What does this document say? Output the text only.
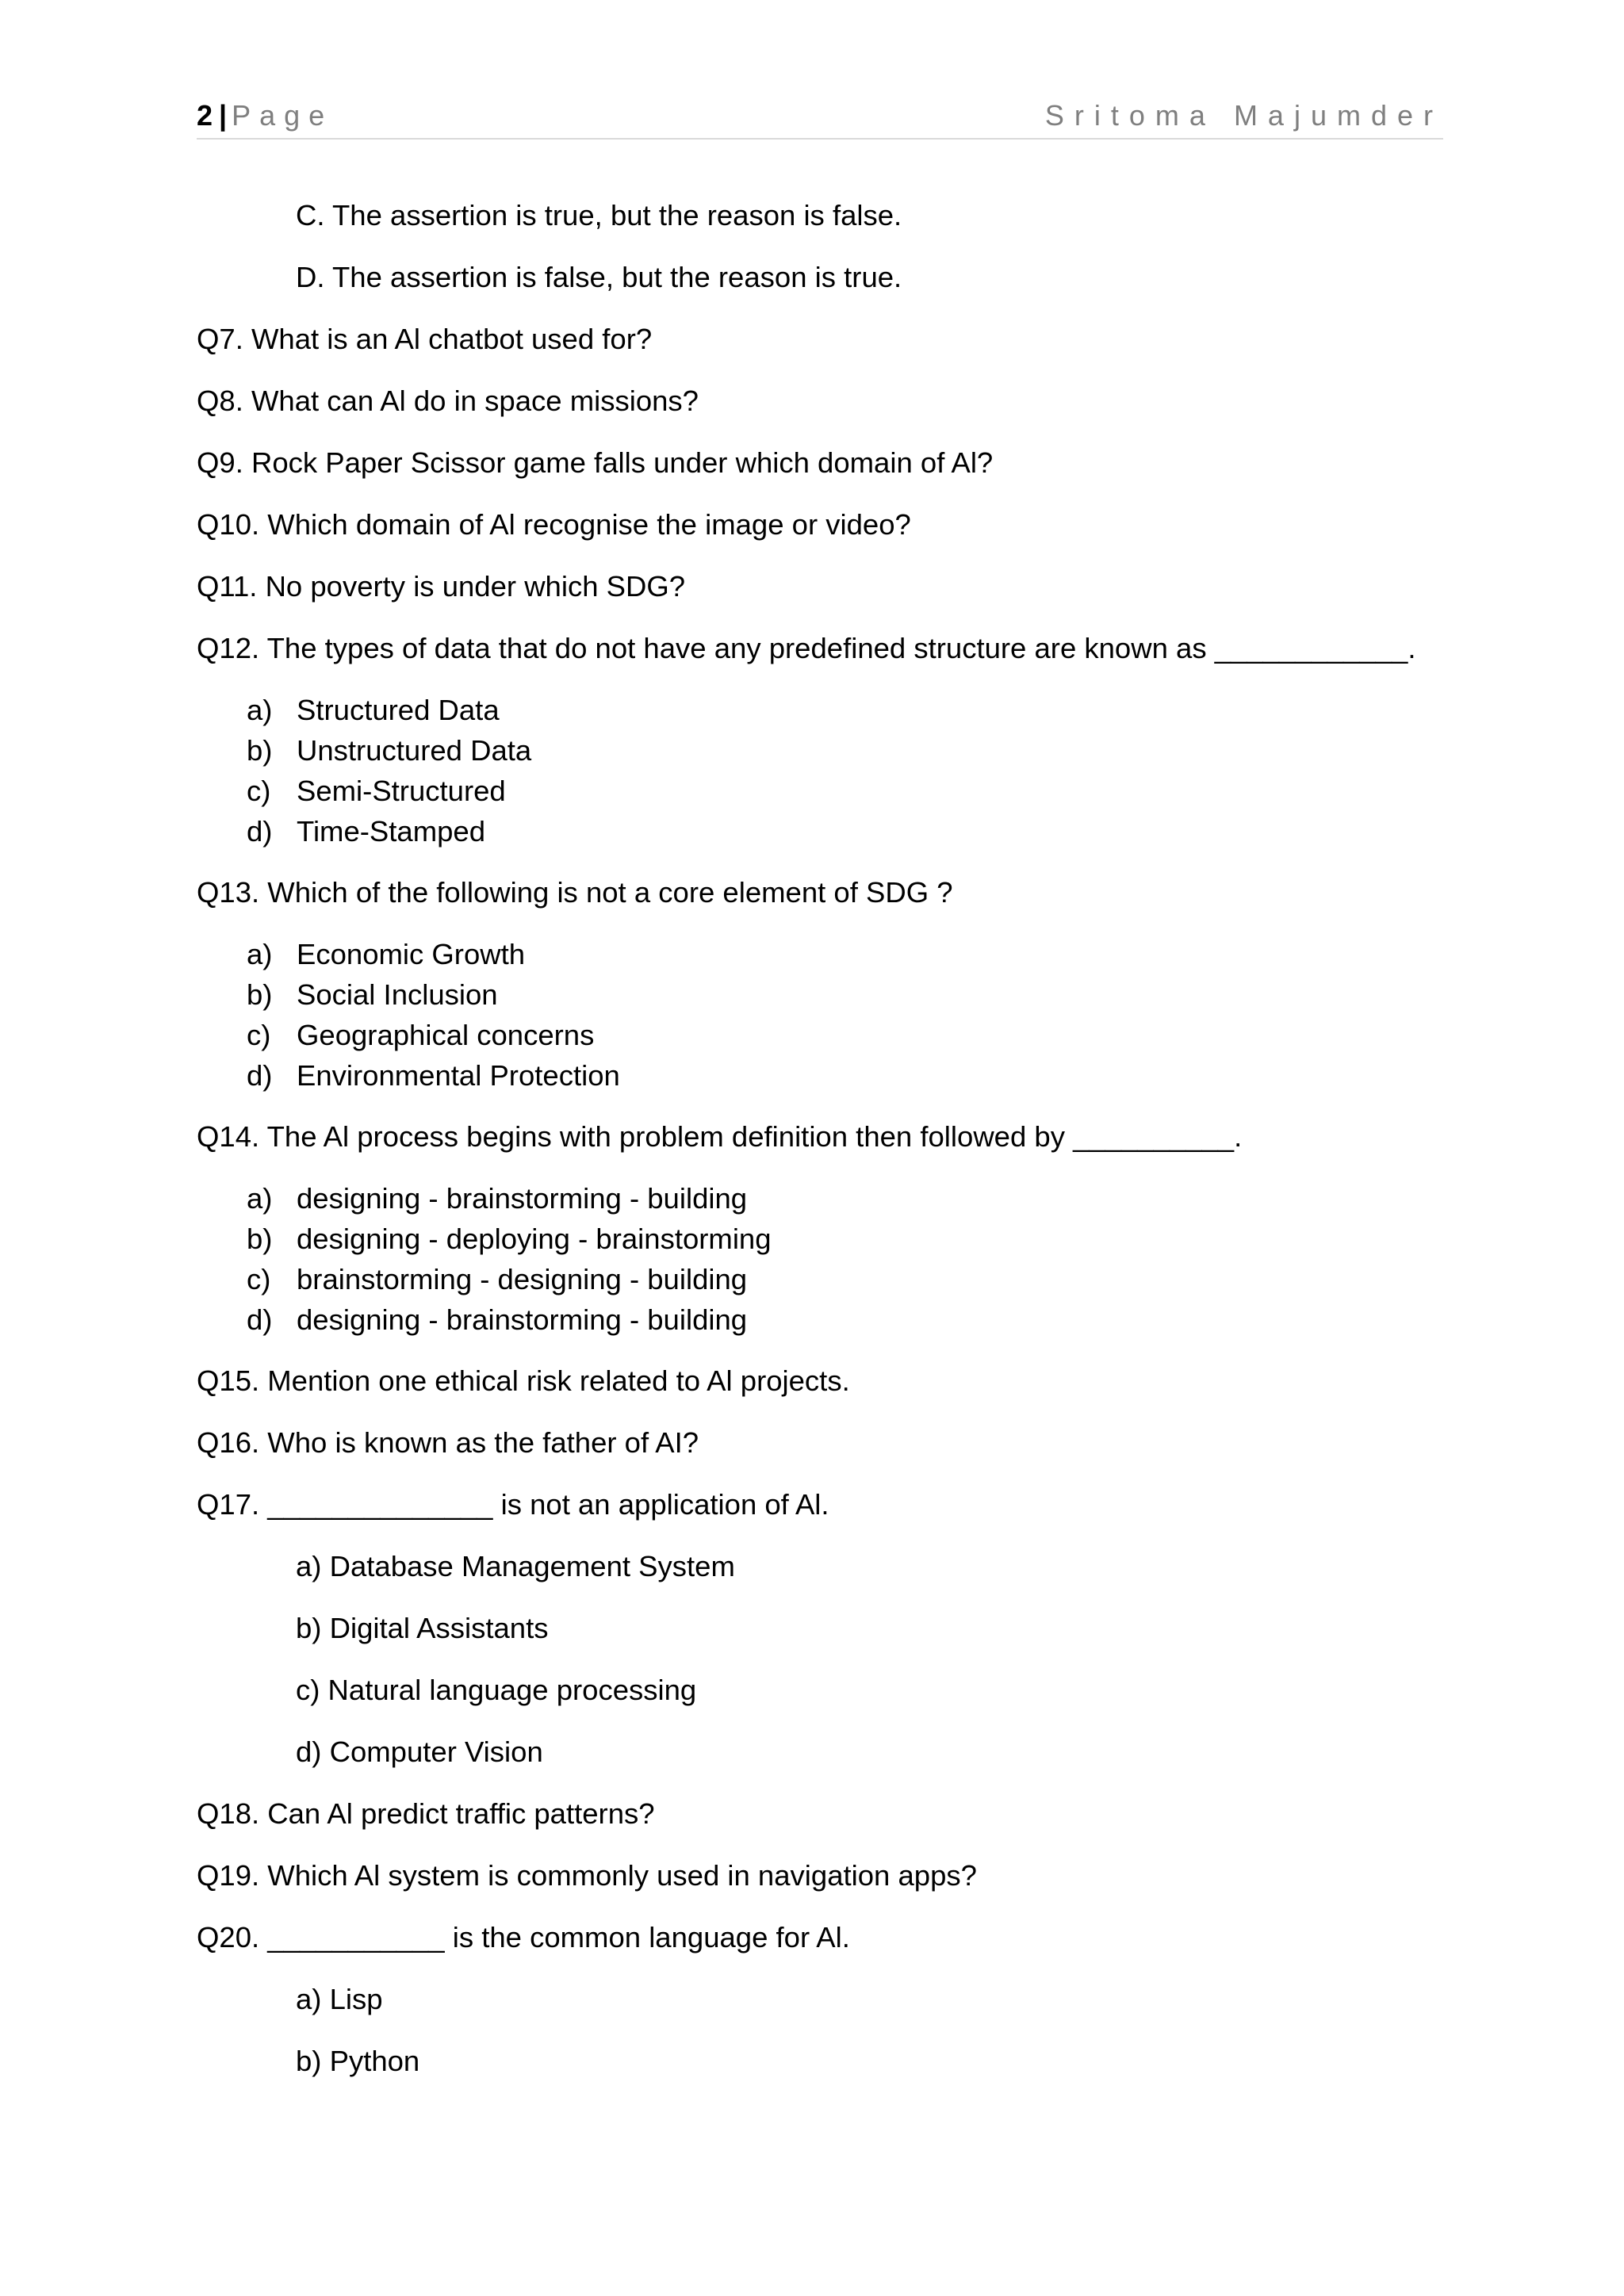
2 | Page	Sritoma Majumder
C. The assertion is true, but the reason is false.
D. The assertion is false, but the reason is true.
Q7. What is an Al chatbot used for?
Q8. What can Al do in space missions?
Q9. Rock Paper Scissor game falls under which domain of Al?
Q10. Which domain of Al recognise the image or video?
Q11. No poverty is under which SDG?
Q12. The types of data that do not have any predefined structure are known as ____________.
a) Structured Data
b) Unstructured Data
c) Semi-Structured
d) Time-Stamped
Q13. Which of the following is not a core element of SDG ?
a) Economic Growth
b) Social Inclusion
c) Geographical concerns
d) Environmental Protection
Q14. The Al process begins with problem definition then followed by __________.
a) designing - brainstorming - building
b) designing - deploying - brainstorming
c) brainstorming - designing - building
d) designing - brainstorming - building
Q15. Mention one ethical risk related to Al projects.
Q16. Who is known as the father of AI?
Q17. ______________ is not an application of Al.
a) Database Management System
b) Digital Assistants
c) Natural language processing
d) Computer Vision
Q18. Can Al predict traffic patterns?
Q19. Which Al system is commonly used in navigation apps?
Q20. ___________ is the common language for Al.
a) Lisp
b) Python
